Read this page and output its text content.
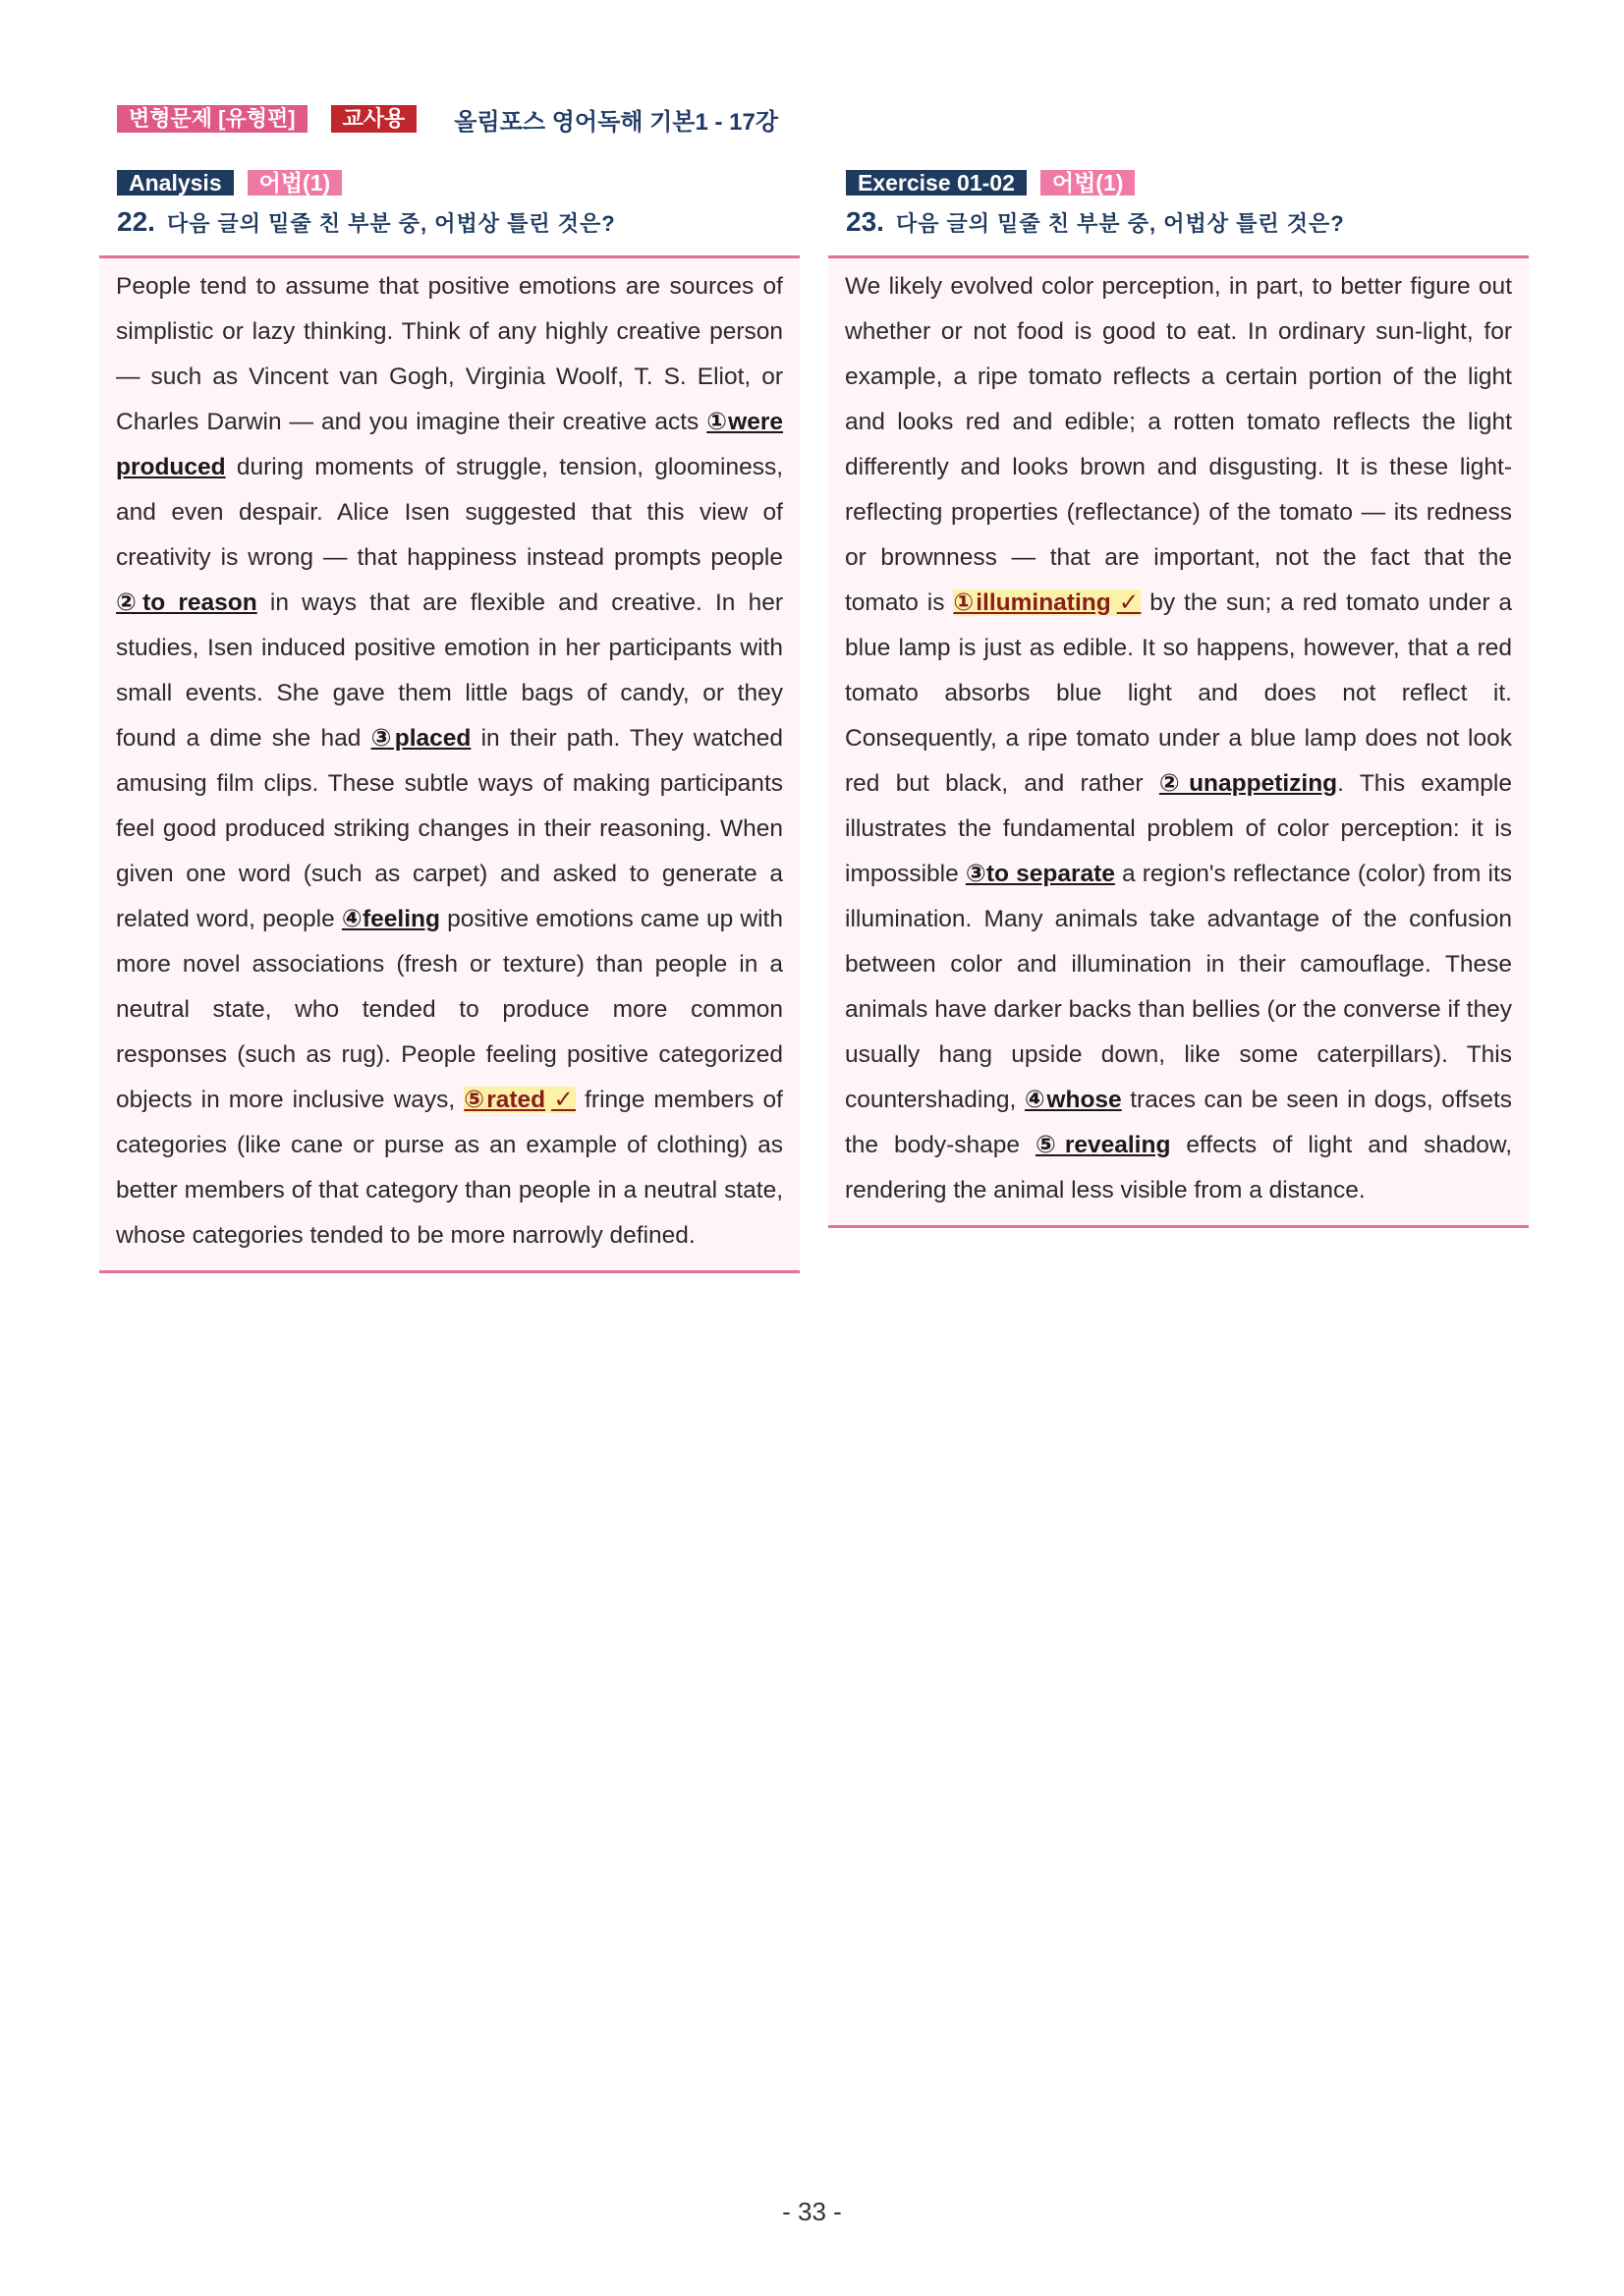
변형문제 [유형편]	교사용	올림포스 영어독해 기본1 - 17강
Analysis	어법(1)
22. 다음 글의 밑줄 친 부분 중, 어법상 틀린 것은?

People tend to assume that positive emotions are sources of simplistic or lazy thinking. Think of any highly creative person — such as Vincent van Gogh, Virginia Woolf, T. S. Eliot, or Charles Darwin — and you imagine their creative acts ①were produced during moments of struggle, tension, gloominess, and even despair. Alice Isen suggested that this view of creativity is wrong — that happiness instead prompts people ②to reason in ways that are flexible and creative. In her studies, Isen induced positive emotion in her participants with small events. She gave them little bags of candy, or they found a dime she had ③placed in their path. They watched amusing film clips. These subtle ways of making participants feel good produced striking changes in their reasoning. When given one word (such as carpet) and asked to generate a related word, people ④feeling positive emotions came up with more novel associations (fresh or texture) than people in a neutral state, who tended to produce more common responses (such as rug). People feeling positive categorized objects in more inclusive ways, ⑤rated ✓ fringe members of categories (like cane or purse as an example of clothing) as better members of that category than people in a neutral state, whose categories tended to be more narrowly defined.

Exercise 01-02	어법(1)
23. 다음 글의 밑줄 친 부분 중, 어법상 틀린 것은?

We likely evolved color perception, in part, to better figure out whether or not food is good to eat. In ordinary sun-light, for example, a ripe tomato reflects a certain portion of the light and looks red and edible; a rotten tomato reflects the light differently and looks brown and disgusting. It is these light-reflecting properties (reflectance) of the tomato — its redness or brownness — that are important, not the fact that the tomato is ①illuminating ✓ by the sun; a red tomato under a blue lamp is just as edible. It so happens, however, that a red tomato absorbs blue light and does not reflect it. Consequently, a ripe tomato under a blue lamp does not look red but black, and rather ②unappetizing. This example illustrates the fundamental problem of color perception: it is impossible ③to separate a region's reflectance (color) from its illumination. Many animals take advantage of the confusion between color and illumination in their camouflage. These animals have darker backs than bellies (or the converse if they usually hang upside down, like some caterpillars). This countershading, ④whose traces can be seen in dogs, offsets the body-shape ⑤revealing effects of light and shadow, rendering the animal less visible from a distance.

- 33 -
